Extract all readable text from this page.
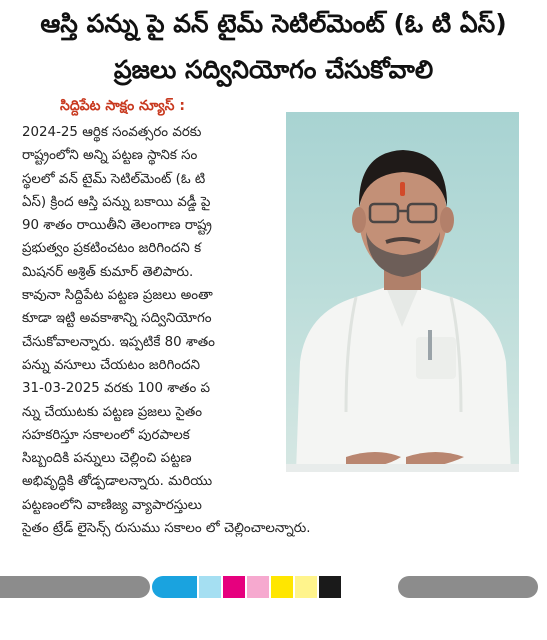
ఆస్తి పన్ను పై వన్ టైమ్ సెటిల్‌మెంట్ (ఓ టి ఏస్)
ప్రజలు సద్వినియోగం చేసుకోవాలి
సిద్దిపేట సాక్షం న్యూస్ :
2024-25 ఆర్థిక సంవత్సరం వరకు
రాష్ట్రంలోని అన్ని పట్టణ స్థానిక సం
స్థలలో వన్ టైమ్ సెటిల్‌మెంట్ (ఓ టి
ఏస్) క్రింద ఆస్తి పన్ను బకాయి వడ్డీ పై
90 శాతం రాయితీని తెలంగాణ రాష్ట్ర
ప్రభుత్వం ప్రకటించటం జరిగిందని క
మిషనర్ అశ్రిత్ కుమార్ తెలిపారు.
కావునా సిద్దిపేట పట్టణ ప్రజలు అంతా
కూడా ఇట్టి అవకాశాన్ని సద్వినియోగం
చేసుకోవాలన్నారు. ఇప్పటికే 80 శాతం
పన్ను వసూలు చేయటం జరిగిందని
31-03-2025 వరకు 100 శాతం ప
న్ను చేయుటకు పట్టణ ప్రజలు సైతం
సహకరిస్తూ సకాలంలో పురపాలక
సిబ్బందికి పన్నులు చెల్లించి పట్టణ
అభివృద్ధికి తోడ్పడాలన్నారు. మరియు
పట్టణంలోని వాణిజ్య వ్యాపారస్తులు
సైతం ట్రేడ్ లైసెన్స్ రుసుము సకాలం లో చెల్లించాలన్నారు.
